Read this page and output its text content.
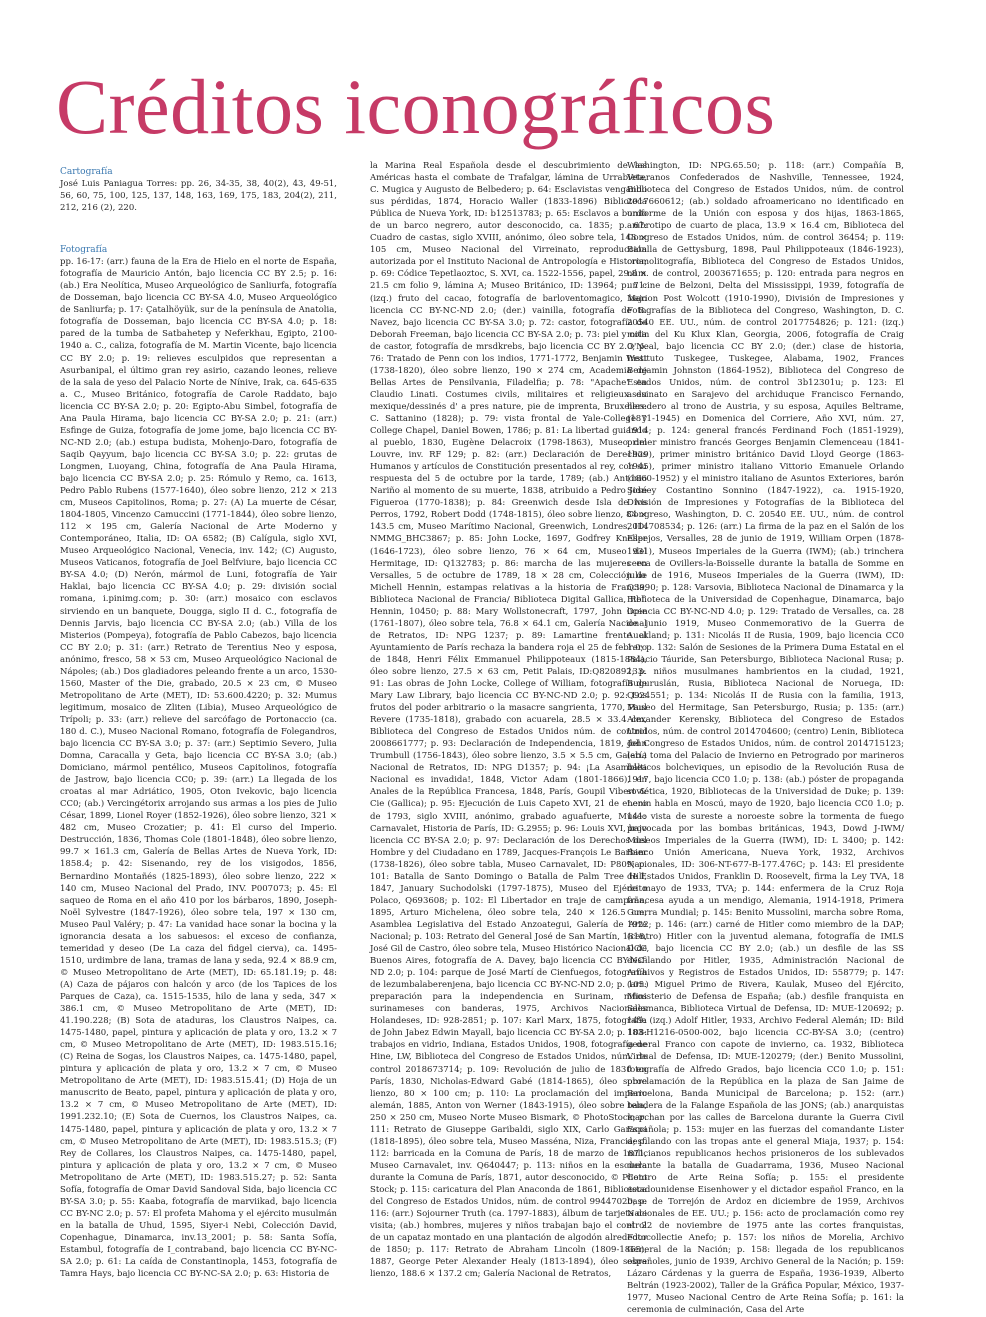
Créditos iconográficos

Cartografía

José Luis Paniagua Torres: pp. 26, 34-35, 38, 40(2), 43, 49-51, 56, 60, 75, 100, 125, 137, 148, 163, 169, 175, 183, 204(2), 211, 212, 216 (2), 220.

Fotografía

pp. 16-17: (arr.) fauna de la Era de Hielo en el norte de España, fotografía de Mauricio Antón, bajo licencia CC BY 2.5; p. 16: (ab.) Era Neolítica, Museo Arqueológico de Sanliurfa, fotografía de Dosseman, bajo licencia CC BY-SA 4.0, Museo Arqueológico de Sanliurfa; p. 17: Çatalhöyük, sur de la península de Anatolia, fotografía de Dosseman, bajo licencia CC BY-SA 4.0; p. 18: pared de la tumba de Satbahetep y Neferkhau, Egipto, 2100-1940 a. C., caliza, fotografía de M. Martin Vicente, bajo licencia CC BY 2.0; p. 19: relieves esculpidos que representan a Asurbanipal, el último gran rey asirio, cazando leones, relieve de la sala de yeso del Palacio Norte de Nínive, Irak, ca. 645-635 a. C., Museo Británico, fotografía de Carole Raddato, bajo licencia CC BY-SA 2.0; p. 20: Egipto-Abu Simbel, fotografía de Ana Paula Hirama, bajo licencia CC BY-SA 2.0; p. 21: (arr.) Esfinge de Guiza, fotografía de jome jome, bajo licencia CC BY-NC-ND 2.0; (ab.) estupa budista, Mohenjo-Daro, fotografía de Saqib Qayyum, bajo licencia CC BY-SA 3.0; p. 22: grutas de Longmen, Luoyang, China, fotografía de Ana Paula Hirama, bajo licencia CC BY-SA 2.0; p. 25: Rómulo y Remo, ca. 1613, Pedro Pablo Rubens (1577-1640), óleo sobre lienzo, 212 × 213 cm, Museos Capitolinos, Roma; p. 27: (A) La muerte de César, 1804-1805, Vincenzo Camuccini (1771-1844), óleo sobre lienzo, 112 × 195 cm, Galería Nacional de Arte Moderno y Contemporáneo, Italia, ID: OA 6582; (B) Calígula, siglo XVI, Museo Arqueológico Nacional, Venecia, inv. 142; (C) Augusto, Museos Vaticanos, fotografía de Joel Belfviure, bajo licencia CC BY-SA 4.0; (D) Nerón, mármol de Luni, fotografía de Yair Haklai, bajo licencia CC BY-SA 4.0; p. 29: división social romana, i.pinimg.com; p. 30: (arr.) mosaico con esclavos sirviendo en un banquete, Dougga, siglo II d. C., fotografía de Dennis Jarvis, bajo licencia CC BY-SA 2.0; (ab.) Villa de los Misterios (Pompeya), fotografía de Pablo Cabezos, bajo licencia CC BY 2.0; p. 31: (arr.) Retrato de Terentius Neo y esposa, anónimo, fresco, 58 × 53 cm, Museo Arqueológico Nacional de Nápoles; (ab.) Dos gladiadores peleando frente a un arco, 1530-1560, Master of the Die, grabado, 20.5 × 23 cm, © Museo Metropolitano de Arte (MET), ID: 53.600.4220; p. 32: Mumus legitimum, mosaico de Zliten (Libia), Museo Arqueológico de Trípoli; p. 33: (arr.) relieve del sarcófago de Portonaccio (ca. 180 d. C.), Museo Nacional Romano, fotografía de Folegandros, bajo licencia CC BY-SA 3.0; p. 37: (arr.) Septimio Severo, Julia Domna, Caracalla y Geta, bajo licencia CC BY-SA 3.0; (ab.) Domiciano, mármol pentélico, Museos Capitolinos, fotografía de Jastrow, bajo licencia CC0; p. 39: (arr.) La llegada de los croatas al mar Adriático, 1905, Oton Ivekovic, bajo licencia CC0; (ab.) Vercingétorix arrojando sus armas a los pies de Julio César, 1899, Lionel Royer (1852-1926), óleo sobre lienzo, 321 × 482 cm, Museo Crozatier; p. 41: El curso del Imperio. Destrucción, 1836, Thomas Cole (1801-1848), óleo sobre lienzo, 99.7 × 161.3 cm, Galería de Bellas Artes de Nueva York, ID: 1858.4; p. 42: Sisenando, rey de los visigodos, 1856, Bernardino Montañés (1825-1893), óleo sobre lienzo, 222 × 140 cm, Museo Nacional del Prado, INV. P007073; p. 45: El saqueo de Roma en el año 410 por los bárbaros, 1890, Joseph-Noël Sylvestre (1847-1926), óleo sobre tela, 197 × 130 cm, Museo Paul Valéry; p. 47: La vanidad hace sonar la bocina y la ignorancia desata a los sabuesos: el exceso de confianza, temeridad y deseo (De La caza del fidgel cierva), ca. 1495-1510, urdimbre de lana, tramas de lana y seda, 92.4 × 88.9 cm, © Museo Metropolitano de Arte (MET), ID: 65.181.19; p. 48: (A) Caza de pájaros con halcón y arco (de los Tapices de los Parques de Caza), ca. 1515-1535, hilo de lana y seda, 347 × 386.1 cm, © Museo Metropolitano de Arte (MET), ID: 41.190.228; (B) Sota de ataduras, los Claustros Naipes, ca. 1475-1480, papel, pintura y aplicación de plata y oro, 13.2 × 7 cm, © Museo Metropolitano de Arte (MET), ID: 1983.515.16; (C) Reina de Sogas, los Claustros Naipes, ca. 1475-1480, papel, pintura y aplicación de plata y oro, 13.2 × 7 cm, © Museo Metropolitano de Arte (MET), ID: 1983.515.41; (D) Hoja de un manuscrito de Beato, papel, pintura y aplicación de plata y oro, 13.2 × 7 cm, © Museo Metropolitano de Arte (MET), ID: 1991.232.10; (E) Sota de Cuernos, los Claustros Naipes, ca. 1475-1480, papel, pintura y aplicación de plata y oro, 13.2 × 7 cm, © Museo Metropolitano de Arte (MET), ID: 1983.515.3; (F) Rey de Collares, los Claustros Naipes, ca. 1475-1480, papel, pintura y aplicación de plata y oro, 13.2 × 7 cm, © Museo Metropolitano de Arte (MET), ID: 1983.515.27; p. 52: Santa Sofía, fotografía de Omar David Sandoval Sida, bajo licencia CC BY-SA 3.0; p. 55: Kaaba, fotografía de marviikad, bajo licencia CC BY-NC 2.0; p. 57: El profeta Mahoma y el ejército musulmán en la batalla de Uhud, 1595, Siyer-i Nebi, Colección David, Copenhague, Dinamarca, inv.13_2001; p. 58: Santa Sofía, Estambul, fotografía de I_contraband, bajo licencia CC BY-NC-SA 2.0; p. 61: La caída de Constantinopla, 1453, fotografía de Tamra Hays, bajo licencia CC BY-NC-SA 2.0; p. 63: Historia de

la Marina Real Española desde el descubrimiento de las Américas hasta el combate de Trafalgar, lámina de Urrabieta, C. Mugica y Augusto de Belbedero; p. 64: Esclavistas vengando sus pérdidas, 1874, Horacio Waller (1833-1896) Biblioteca Pública de Nueva York, ID: b12513783; p. 65: Esclavos a bordo de un barco negrero, autor desconocido, ca. 1835; p. 67: Cuadro de castas, siglo XVIII, anónimo, óleo sobre tela, 148 × 105 cm, Museo Nacional del Virreinato, reproducción autorizada por el Instituto Nacional de Antropología e Historia; p. 69: Códice Tepetlaoztoc, S. XVI, ca. 1522-1556, papel, 29.8 × 21.5 cm folio 9, lámina A; Museo Británico, ID: 13964; p. 71: (izq.) fruto del cacao, fotografía de barloventomagico, bajo licencia CC BY-NC-ND 2.0; (der.) vainilla, fotografía de B. Navez, bajo licencia CC BY-SA 3.0; p. 72: castor, fotografía de Deborah Freeman, bajo licencia CC BY-SA 2.0; p. 73: piel y cola de castor, fotografía de mrsdkrebs, bajo licencia CC BY 2.0; p. 76: Tratado de Penn con los indios, 1771-1772, Benjamin West (1738-1820), óleo sobre lienzo, 190 × 274 cm, Academia de Bellas Artes de Pensilvania, Filadelfia; p. 78: "Apache" en Claudio Linati. Costumes civils, militaires et religieux du mexique/dessinés d' a pres nature, pie de imprenta, Bruxelles. C. Sattanino (1828); p. 79: vista frontal de Yale-College y College Chapel, Daniel Bowen, 1786; p. 81: La libertad guiando al pueblo, 1830, Eugène Delacroix (1798-1863), Museo del Louvre, inv. RF 129; p. 82: (arr.) Declaración de Derechos Humanos y artículos de Constitución presentados al rey, con su respuesta del 5 de octubre por la tarde, 1789; (ab.) Antonio Nariño al momento de su muerte, 1838, atribuido a Pedro José Figueroa (1770-1838); p. 84: Greenwich desde Isla de los Perros, 1792, Robert Dodd (1748-1815), óleo sobre lienzo, 84 × 143.5 cm, Museo Marítimo Nacional, Greenwich, Londres, ID: NMMG_BHC3867; p. 85: John Locke, 1697, Godfrey Kneller (1646-1723), óleo sobre lienzo, 76 × 64 cm, Museo del Hermitage, ID: Q132783; p. 86: marcha de las mujeres en Versalles, 5 de octubre de 1789, 18 × 28 cm, Colección de Michell Hennin, estampas relativas a la historia de Francia, Biblioteca Nacional de Francia/ Biblioteca Digital Gallica, Ref. Hennin, 10450; p. 88: Mary Wollstonecraft, 1797, John Opie (1761-1807), óleo sobre tela, 76.8 × 64.1 cm, Galería Nacional de Retratos, ID: NPG 1237; p. 89: Lamartine frente al Ayuntamiento de París rechaza la bandera roja el 25 de febrero de 1848, Henri Félix Emmanuel Philippoteaux (1815-1884), óleo sobre lienzo, 27.5 × 63 cm, Petit Palais, ID:Q820892; p. 91: Las obras de John Locke, College of William, fotografía de Mary Law Library, bajo licencia CC BY-NC-ND 2.0; p. 92: Los frutos del poder arbitrario o la masacre sangrienta, 1770, Paul Revere (1735-1818), grabado con acuarela, 28.5 × 33.4 cm, Biblioteca del Congreso de Estados Unidos núm. de control 2008661777; p. 93: Declaración de Independencia, 1819, John Trumbull (1756-1843), óleo sobre lienzo, 3.5 × 5.5 cm, Galería Nacional de Retratos, ID: NPG D1357; p. 94: ¡La Asamblea Nacional es invadida!, 1848, Victor Adam (1801-1866), en Anales de la República Francesa, 1848, París, Goupil Vibert & Cie (Gallica); p. 95: Ejecución de Luis Capeto XVI, 21 de enero de 1793, siglo XVIII, anónimo, grabado aguafuerte, Museo Carnavalet, Historia de París, ID: G.2955; p. 96: Louis XVI, bajo licencia CC BY-SA 2.0; p. 97: Declaración de los Derechos del Hombre y del Ciudadano en 1789, Jacques-François Le Barbier (1738-1826), óleo sobre tabla, Museo Carnavalet, ID: P809; p. 101: Batalla de Santo Domingo o Batalla de Palm Tree Hill, 1847, January Suchodolski (1797-1875), Museo del Ejército Polaco, Q693608; p. 102: El Libertador en traje de campaña, 1895, Arturo Michelena, óleo sobre tela, 240 × 126.5 cm, Asamblea Legislativa del Estado Anzoategui, Galería de Arte Nacional; p. 103: Retrato del General José de San Martín, 1818, José Gil de Castro, óleo sobre tela, Museo Histórico Nacional de Buenos Aires, fotografía de A. Davey, bajo licencia CC BY-NC-ND 2.0; p. 104: parque de José Martí de Cienfuegos, fotografía de lezumbalaberenjena, bajo licencia CC BY-NC-ND 2.0; p. 105: preparación para la independencia en Surinam, niños surinameses con banderas, 1975, Archivos Nacionales Holandeses, ID: 928-2851; p. 107: Karl Marx, 1875, fotografía de John Jabez Edwin Mayall, bajo licencia CC BY-SA 2.0; p. 108: trabajos en vidrio, Indiana, Estados Unidos, 1908, fotografía de Hine, LW, Biblioteca del Congreso de Estados Unidos, núm. de control 2018673714; p. 109: Revolución de julio de 1830 en París, 1830, Nicholas-Edward Gabé (1814-1865), óleo sobre lienzo, 80 × 100 cm; p. 110: La proclamación del imperio alemán, 1885, Anton von Werner (1843-1915), óleo sobre tela, 250 × 250 cm, Museo Norte Museo Bismark, © PhotoStock; p. 111: Retrato de Giuseppe Garibaldi, siglo XIX, Carlo Garacci (1818-1895), óleo sobre tela, Museo Masséna, Niza, Francia; p. 112: barricada en la Comuna de París, 18 de marzo de 1871, Museo Carnavalet, inv. Q640447; p. 113: niños en la escuela durante la Comuna de París, 1871, autor desconocido, © Photo Stock; p. 115: caricatura del Plan Anaconda de 1861, Biblioteca del Congreso de Estados Unidos, núm. de control 99447020; p. 116: (arr.) Sojourner Truth (ca. 1797-1883), álbum de tarjeta de visita; (ab.) hombres, mujeres y niños trabajan bajo el control de un capataz montado en una plantación de algodón alrededor de 1850; p. 117: Retrato de Abraham Lincoln (1809-1865), 1887, George Peter Alexander Healy (1813-1894), óleo sobre lienzo, 188.6 × 137.2 cm; Galería Nacional de Retratos,

Washington, ID: NPG.65.50; p. 118: (arr.) Compañía B, Veteranos Confederados de Nashville, Tennessee, 1924, Biblioteca del Congreso de Estados Unidos, núm. de control 2017660612; (ab.) soldado afroamericano no identificado en uniforme de la Unión con esposa y dos hijas, 1863-1865, ambrotipo de cuarto de placa, 13.9 × 16.4 cm, Biblioteca del Congreso de Estados Unidos, núm. de control 36454; p. 119: Batalla de Gettysburg, 1898, Paul Philippoteaux (1846-1923), cromolitografía, Biblioteca del Congreso de Estados Unidos, núm. de control, 2003671655; p. 120: entrada para negros en un cine de Belzoni, Delta del Mississippi, 1939, fotografía de Marion Post Wolcott (1910-1990), División de Impresiones y Fotografías de la Biblioteca del Congreso, Washington, D. C. 20540 EE. UU., núm. de control 2017754826; p. 121: (izq.) mitin del Ku Klux Klan, Georgia, 2006, fotografía de Craig O'Neal, bajo licencia CC BY 2.0; (der.) clase de historia, Instituto Tuskegee, Tuskegee, Alabama, 1902, Frances Benjamin Johnston (1864-1952), Biblioteca del Congreso de Estados Unidos, núm. de control 3b12301u; p. 123: El asesinato en Sarajevo del archiduque Francisco Fernando, heredero al trono de Austria, y su esposa, Aquiles Beltrame, (1871-1945) en Domenica del Corriere, Año XVI, núm. 27, 1914; p. 124: general francés Ferdinand Foch (1851-1929), primer ministro francés Georges Benjamin Clemenceau (1841-1929), primer ministro británico David Lloyd George (1863-1945), primer ministro italiano Vittorio Emanuele Orlando (1860-1952) y el ministro italiano de Asuntos Exteriores, barón Sidney Costantino Sonnino (1847-1922), ca. 1915-1920, División de Impresiones y Fotografías de la Biblioteca del Congreso, Washington, D. C. 20540 EE. UU., núm. de control 2014708534; p. 126: (arr.) La firma de la paz en el Salón de los Espejos, Versalles, 28 de junio de 1919, William Orpen (1878-1931), Museos Imperiales de la Guerra (IWM); (ab.) trinchera cerca de Ovillers-la-Boisselle durante la batalla de Somme en julio de 1916, Museos Imperiales de la Guerra (IWM), ID: Q3990; p. 128: Varsovia, Biblioteca Nacional de Dinamarca y la Biblioteca de la Universidad de Copenhague, Dinamarca, bajo licencia CC BY-NC-ND 4.0; p. 129: Tratado de Versalles, ca. 28 de junio 1919, Museo Conmemorativo de la Guerra de Auckland; p. 131: Nicolás II de Rusia, 1909, bajo licencia CC0 1.0; p. 132: Salón de Sesiones de la Primera Duma Estatal en el Palacio Táuride, San Petersburgo, Biblioteca Nacional Rusa; p. 133: niños musulmanes hambrientos en la ciudad, 1921, Buguruslán, Rusia, Biblioteca Nacional de Noruega, ID: Q924551; p. 134: Nicolás II de Rusia con la familia, 1913, Museo del Hermitage, San Petersburgo, Rusia; p. 135: (arr.) Alexander Kerensky, Biblioteca del Congreso de Estados Unidos, núm. de control 2014704600; (centro) Lenin, Biblioteca del Congreso de Estados Unidos, núm. de control 2014715123; (ab.) toma del Palacio de Invierno en Petrogrado por marineros bálticos bolcheviques, un episodio de la Revolución Rusa de 1917, bajo licencia CC0 1.0; p. 138: (ab.) póster de propaganda soviética, 1920, Bibliotecas de la Universidad de Duke; p. 139: Lenin habla en Moscú, mayo de 1920, bajo licencia CC0 1.0; p. 141: vista de sureste a noroeste sobre la tormenta de fuego provocada por las bombas británicas, 1943, Dowd J-IWM/ Museos Imperiales de la Guerra (IWM), ID: L 3400; p. 142: Banco Unión Americana, Nueva York, 1932, Archivos Nacionales, ID: 306-NT-677-B-177.476C; p. 143: El presidente de Estados Unidos, Franklin D. Roosevelt, firma la Ley TVA, 18 de mayo de 1933, TVA; p. 144: enfermera de la Cruz Roja francesa ayuda a un mendigo, Alemania, 1914-1918, Primera Guerra Mundial; p. 145: Benito Mussolini, marcha sobre Roma, 1922; p. 146: (arr.) carné de Hitler como miembro de la DAP; (centro) Hitler con la juventud alemana, fotografía de IMLS DCC, bajo licencia CC BY 2.0; (ab.) un desfile de las SS desfilando por Hitler, 1935, Administración Nacional de Archivos y Registros de Estados Unidos, ID: 558779; p. 147: (arr.) Miguel Primo de Rivera, Kaulak, Museo del Ejército, Ministerio de Defensa de España; (ab.) desfile franquista en Salamanca, Biblioteca Virtual de Defensa, ID: MUE-120692; p. 149: (izq.) Adolf Hitler, 1933, Archivo Federal Alemán; ID: Bild 183-H1216-0500-002, bajo licencia CC-BY-SA 3.0; (centro) general Franco con capote de invierno, ca. 1932, Biblioteca Virtual de Defensa, ID: MUE-120279; (der.) Benito Mussolini, fotografía de Alfredo Grados, bajo licencia CC0 1.0; p. 151: proclamación de la República en la plaza de San Jaime de Barcelona, Banda Municipal de Barcelona; p. 152: (arr.) bandera de la Falange Española de las JONS; (ab.) anarquistas marchan por las calles de Barcelona durante la Guerra Civil Española; p. 153: mujer en las fuerzas del comandante Lister desfilando con las tropas ante el general Miaja, 1937; p. 154: milicianos republicanos hechos prisioneros de los sublevados durante la batalla de Guadarrama, 1936, Museo Nacional Centro de Arte Reina Sofía; p. 155: el presidente estadounidense Eisenhower y el dictador español Franco, en la base de Torrejón de Ardoz en diciembre de 1959, Archivos Nacionales de EE. UU.; p. 156: acto de proclamación como rey el 22 de noviembre de 1975 ante las cortes franquistas, Fotocollectie Anefo; p. 157: los niños de Morelia, Archivo General de la Nación; p. 158: llegada de los republicanos españoles, junio de 1939, Archivo General de la Nación; p. 159: Lázaro Cárdenas y la guerra de España, 1936-1939, Alberto Beltrán (1923-2002), Taller de la Gráfica Popular, México, 1937-1977, Museo Nacional Centro de Arte Reina Sofía; p. 161: la ceremonia de culminación, Casa del Arte
